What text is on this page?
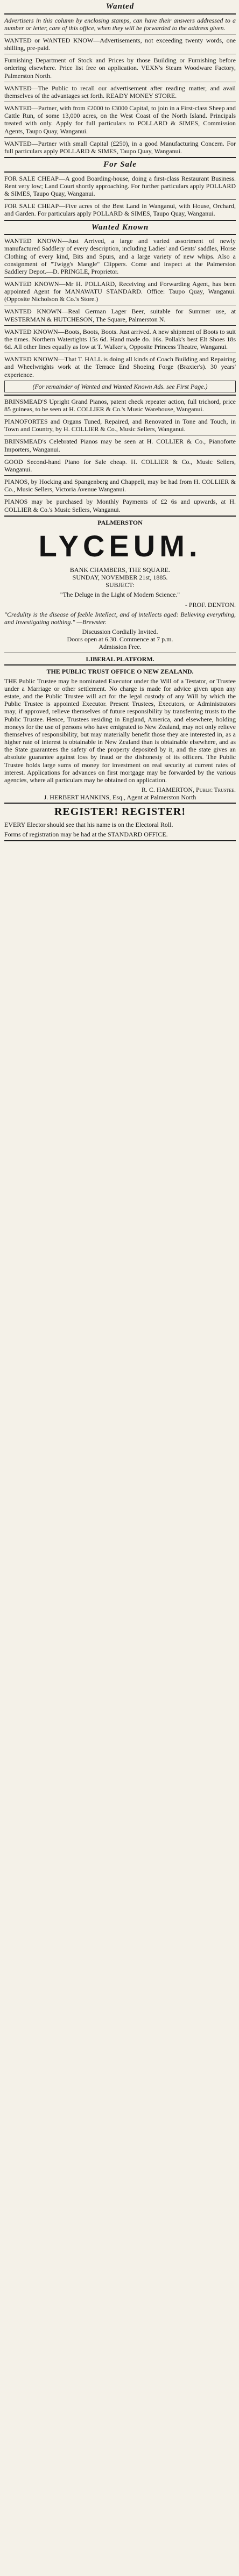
Wanted
Advertisers in this column by enclosing stamps, can have their answers addressed to a number or letter, care of this office, when they will be forwarded to the address given.
WANTED or WANTED KNOW—Advertisements, not exceeding twenty words, one shilling, pre-paid.
Furnishing Department of Stock and Prices by those Building or Furnishing before ordering elsewhere. Price list free on application. VEXN's Steam Woodware Factory, Palmerston North.
WANTED—The Public to recall our advertisement after reading matter, and avail themselves of the advantages set forth. READY MONEY STORE.
WANTED—Partner, with from £2000 to £3000 Capital, to join in a First-class Sheep and Cattle Run, of some 13,000 acres, on the West Coast of the North Island. Principals treated with only. Apply for full particulars to POLLARD & SIMES, Commission Agents, Taupo Quay, Wanganui.
WANTED—Partner with small Capital (£250), in a good Manufacturing Concern. For full particulars apply POLLARD & SIMES, Taupo Quay, Wanganui.
For Sale
FOR SALE CHEAP—A good Boarding-house, doing a first-class Restaurant Business. Rent very low; Land Court shortly approaching. For further particulars apply POLLARD & SIMES, Taupo Quay, Wanganui.
FOR SALE CHEAP—Five acres of the Best Land in Wanganui, with House, Orchard, and Garden. For particulars apply POLLARD & SIMES, Taupo Quay, Wanganui.
Wanted Known
WANTED KNOWN—Just Arrived, a large and varied assortment of newly manufactured Saddlery of every description, including Ladies' and Gents' saddles, Horse Clothing of every kind, Bits and Spurs, and a large variety of new whips. Also a consignment of "Twigg's Mangle" Clippers. Come and inspect at the Palmerston Saddlery Depot.—D. PRINGLE, Proprietor.
WANTED KNOWN—Mr H. POLLARD, Receiving and Forwarding Agent, has been appointed Agent for MANAWATU STANDARD. Office: Taupo Quay, Wanganui. (Opposite Nicholson & Co.'s Store.)
WANTED KNOWN—Real German Lager Beer, suitable for Summer use, at WESTERMAN & HUTCHESON, The Square, Palmerston N.
WANTED KNOWN—Boots, Boots, Boots. Just arrived. A new shipment of Boots to suit the times. Northern Watertights 15s 6d. Hand made do. 16s. Pollak's best Elt Shoes 18s 6d. All other lines equally as low at T. Walker's, Opposite Princess Theatre, Wanganui.
WANTED KNOWN—That T. HALL is doing all kinds of Coach Building and Repairing and Wheelwrights work at the Terrace End Shoeing Forge (Braxier's). 30 years' experience.
(For remainder of Wanted and Wanted Known Ads. see First Page.)
BRINSMEAD'S Upright Grand Pianos, patent check repeater action, full trichord, price 85 guineas, to be seen at H. COLLIER & Co.'s Music Warehouse, Wanganui.
PIANOFORTES and Organs Tuned, Repaired, and Renovated in Tone and Touch, in Town and Country, by H. COLLIER & Co., Music Sellers, Wanganui.
BRINSMEAD's Celebrated Pianos may be seen at H. COLLIER & Co., Pianoforte Importers, Wanganui.
GOOD Second-hand Piano for Sale cheap. H. COLLIER & Co., Music Sellers, Wanganui.
PIANOS, by Hocking and Spangenberg and Chappell, may be had from H. COLLIER & Co., Music Sellers, Victoria Avenue Wanganui.
PIANOS may be purchased by Monthly Payments of £2 6s and upwards, at H. COLLIER & Co.'s Music Sellers, Wanganui.
PALMERSTON
LYCEUM.
BANK CHAMBERS, THE SQUARE.
SUNDAY, NOVEMBER 21st, 1885.
SUBJECT:
"The Deluge in the Light of Modern Science."
- PROF. DENTON.
"Credulity is the disease of feeble Intellect, and of intellects aged: Believing everything, and Investigating nothing." —Brewster.
Discussion Cordially Invited.
Doors open at 6.30. Commence at 7 p.m.
Admission Free.
LIBERAL PLATFORM.
THE PUBLIC TRUST OFFICE O NEW ZEALAND.
THE Public Trustee may be nominated Executor under the Will of a Testator, or Trustee under a Marriage or other settlement. No charge is made for advice given upon any estate, and the Public Trustee will act for the legal custody of any Will by which the Public Trustee is appointed Executor. Present Trustees, Executors, or Administrators may, if approved, relieve themselves of future responsibility by transferring trusts to the Public Trustee. Hence, Trustees residing in England, America, and elsewhere, holding moneys for the use of persons who have emigrated to New Zealand, may not only relieve themselves of responsibility, but may materially benefit those they are interested in, as a higher rate of interest is obtainable in New Zealand than is obtainable elsewhere, and as the State guarantees the safety of the property deposited by it, and the state gives an absolute guarantee against loss by fraud or the dishonesty of its officers. The Public Trustee holds large sums of money for investment on real security at current rates of interest. Applications for advances on first mortgage may be forwarded by the various agencies, where all particulars may be obtained on application.
R. C. HAMERTON, Public Trustee.
J. HERBERT HANKINS, Esq., Agent at Palmerston North
REGISTER! REGISTER!
EVERY Elector should see that his name is on the Electoral Roll.
Forms of registration may be had at the STANDARD OFFICE.
